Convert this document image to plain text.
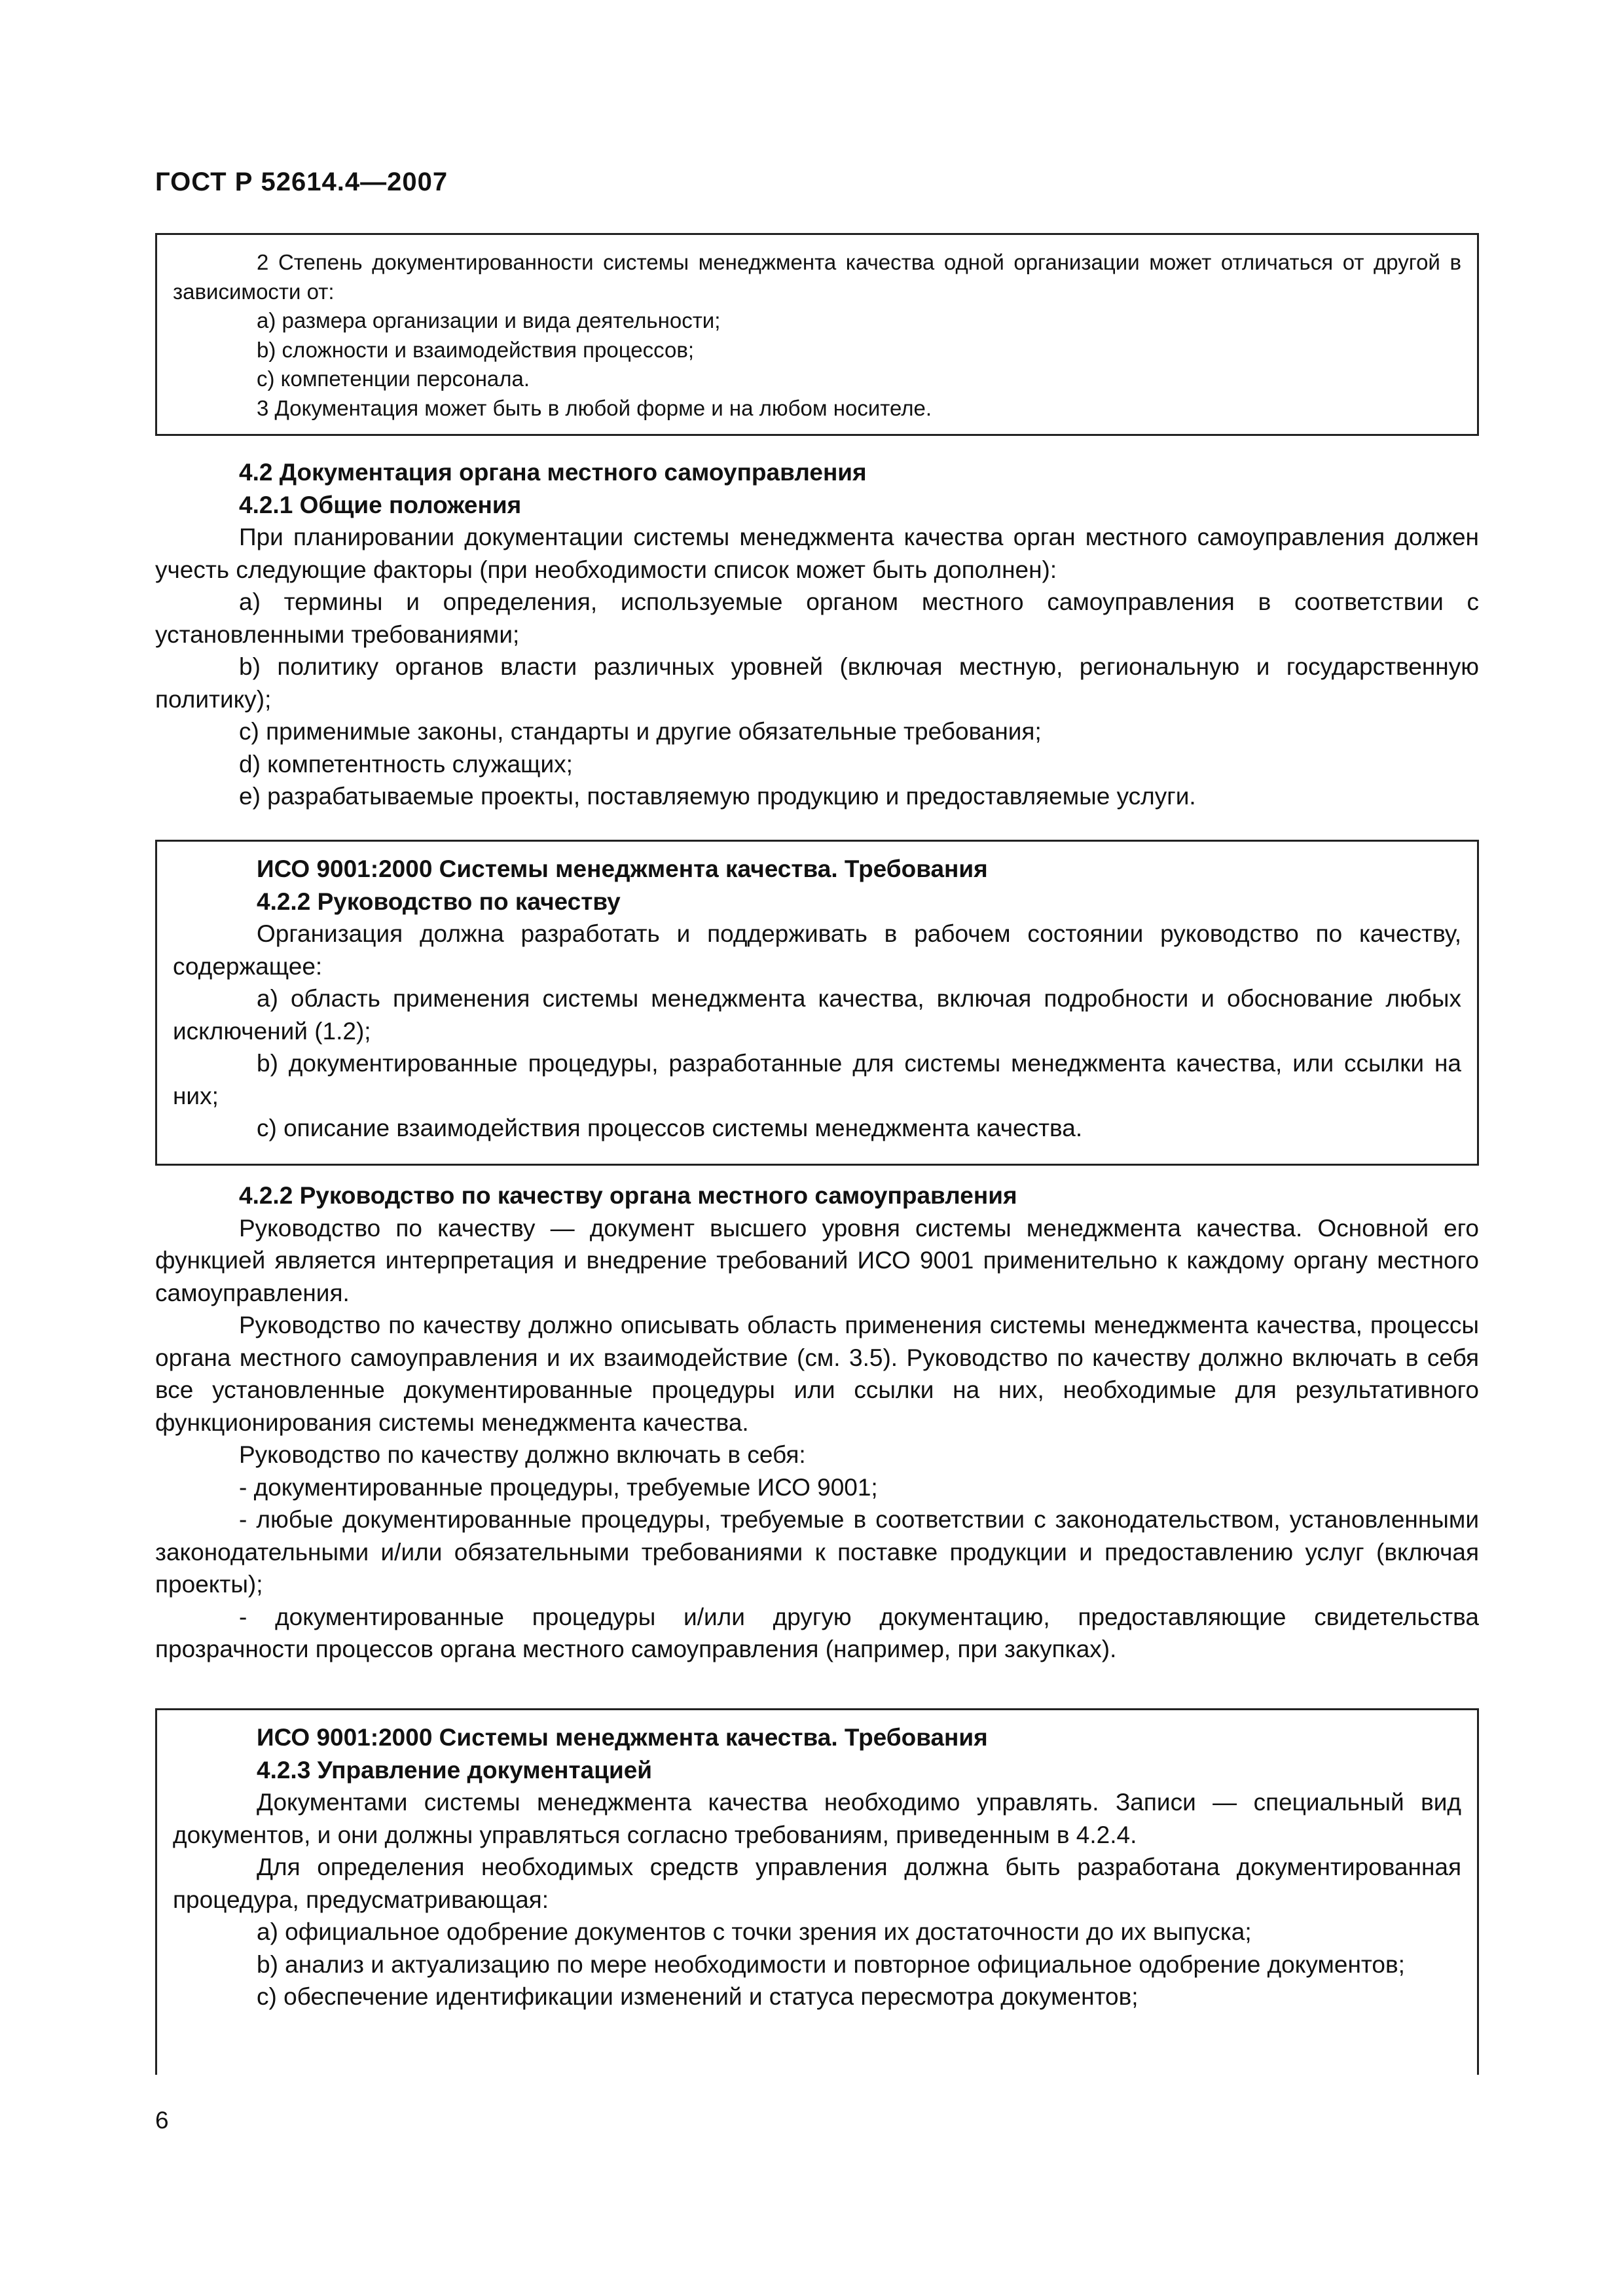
ГОСТ Р 52614.4—2007

2 Степень документированности системы менеджмента качества одной организации может отличаться от другой в зависимости от:

а) размера организации и вида деятельности;

b) сложности и взаимодействия процессов;

с) компетенции персонала.

3 Документация может быть в любой форме и на любом носителе.

4.2 Документация органа местного самоуправления
4.2.1 Общие положения

При планировании документации системы менеджмента качества орган местного самоуправления должен учесть следующие факторы (при необходимости список может быть дополнен):

а) термины и определения, используемые органом местного самоуправления в соответствии с установленными требованиями;

b) политику органов власти различных уровней (включая местную, региональную и государственную политику);

с) применимые законы, стандарты и другие обязательные требования;

d) компетентность служащих;

е) разрабатываемые проекты, поставляемую продукцию и предоставляемые услуги.

ИСО 9001:2000 Системы менеджмента качества. Требования
4.2.2 Руководство по качеству

Организация должна разработать и поддерживать в рабочем состоянии руководство по качеству, содержащее:

а) область применения системы менеджмента качества, включая подробности и обоснование любых исключений (1.2);

b) документированные процедуры, разработанные для системы менеджмента качества, или ссылки на них;

с) описание взаимодействия процессов системы менеджмента качества.

4.2.2 Руководство по качеству органа местного самоуправления

Руководство по качеству — документ высшего уровня системы менеджмента качества. Основной его функцией является интерпретация и внедрение требований ИСО 9001 применительно к каждому органу местного самоуправления.

Руководство по качеству должно описывать область применения системы менеджмента качества, процессы органа местного самоуправления и их взаимодействие (см. 3.5). Руководство по качеству должно включать в себя все установленные документированные процедуры или ссылки на них, необходимые для результативного функционирования системы менеджмента качества.

Руководство по качеству должно включать в себя:

- документированные процедуры, требуемые ИСО 9001;

- любые документированные процедуры, требуемые в соответствии с законодательством, установленными законодательными и/или обязательными требованиями к поставке продукции и предоставлению услуг (включая проекты);

- документированные процедуры и/или другую документацию, предоставляющие свидетельства прозрачности процессов органа местного самоуправления (например, при закупках).

ИСО 9001:2000 Системы менеджмента качества. Требования
4.2.3 Управление документацией

Документами системы менеджмента качества необходимо управлять. Записи — специальный вид документов, и они должны управляться согласно требованиям, приведенным в 4.2.4.

Для определения необходимых средств управления должна быть разработана документированная процедура, предусматривающая:

а) официальное одобрение документов с точки зрения их достаточности до их выпуска;

b) анализ и актуализацию по мере необходимости и повторное официальное одобрение документов;

с) обеспечение идентификации изменений и статуса пересмотра документов;

6
